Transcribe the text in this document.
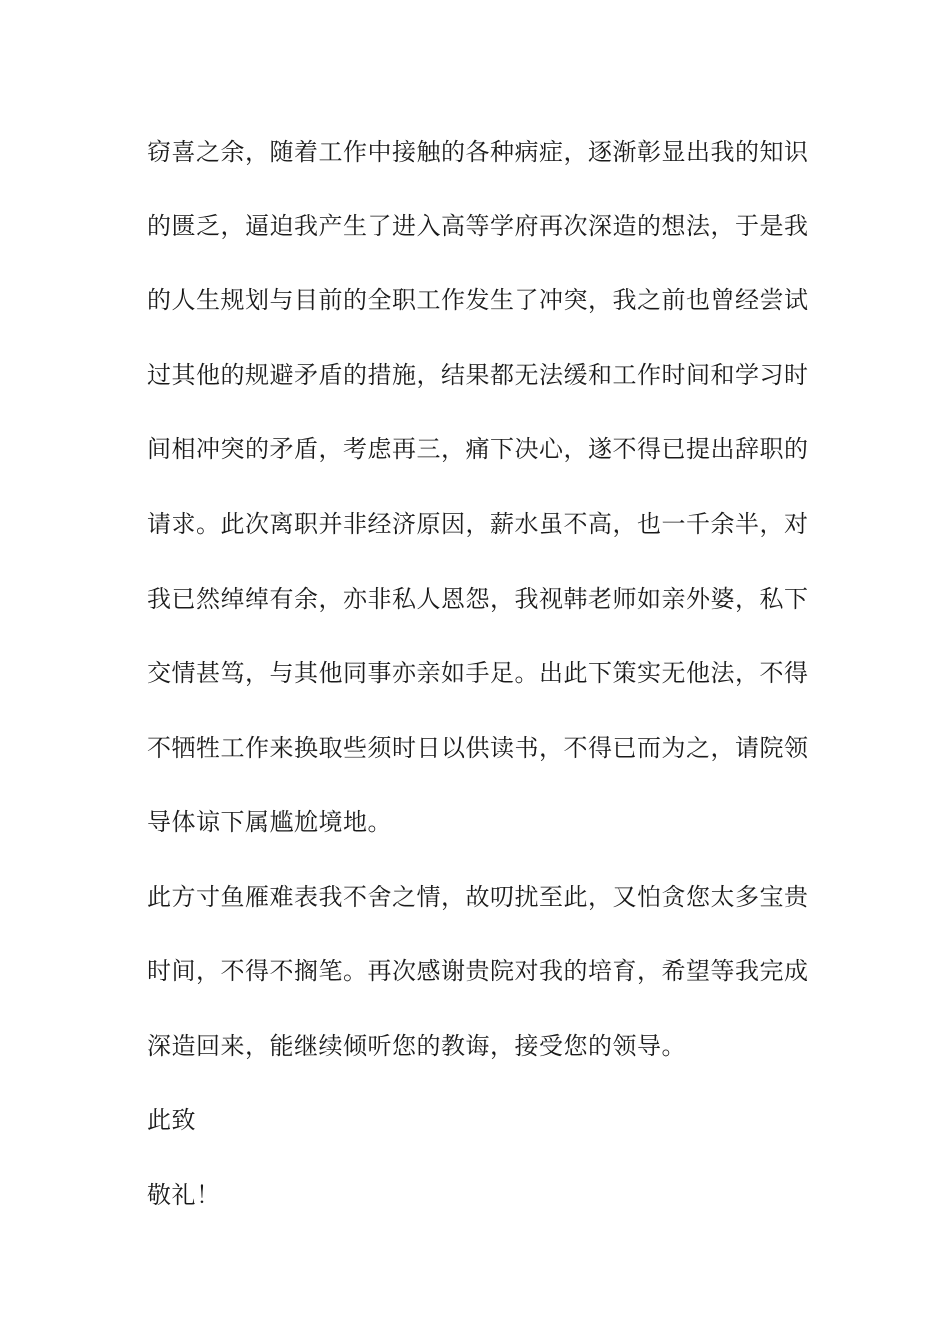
窃喜之余，随着工作中接触的各种病症，逐渐彰显出我的知识
的匮乏，逼迫我产生了进入高等学府再次深造的想法，于是我
的人生规划与目前的全职工作发生了冲突，我之前也曾经尝试
过其他的规避矛盾的措施，结果都无法缓和工作时间和学习时
间相冲突的矛盾，考虑再三，痛下决心，遂不得已提出辞职的
请求。此次离职并非经济原因，薪水虽不高，也一千余半，对
我已然绰绰有余，亦非私人恩怨，我视韩老师如亲外婆，私下
交情甚笃，与其他同事亦亲如手足。出此下策实无他法，不得
不牺牲工作来换取些须时日以供读书，不得已而为之，请院领
导体谅下属尴尬境地。
此方寸鱼雁难表我不舍之情，故叨扰至此，又怕贪您太多宝贵
时间，不得不搁笔。再次感谢贵院对我的培育，希望等我完成
深造回来，能继续倾听您的教诲，接受您的领导。
此致
敬礼！
